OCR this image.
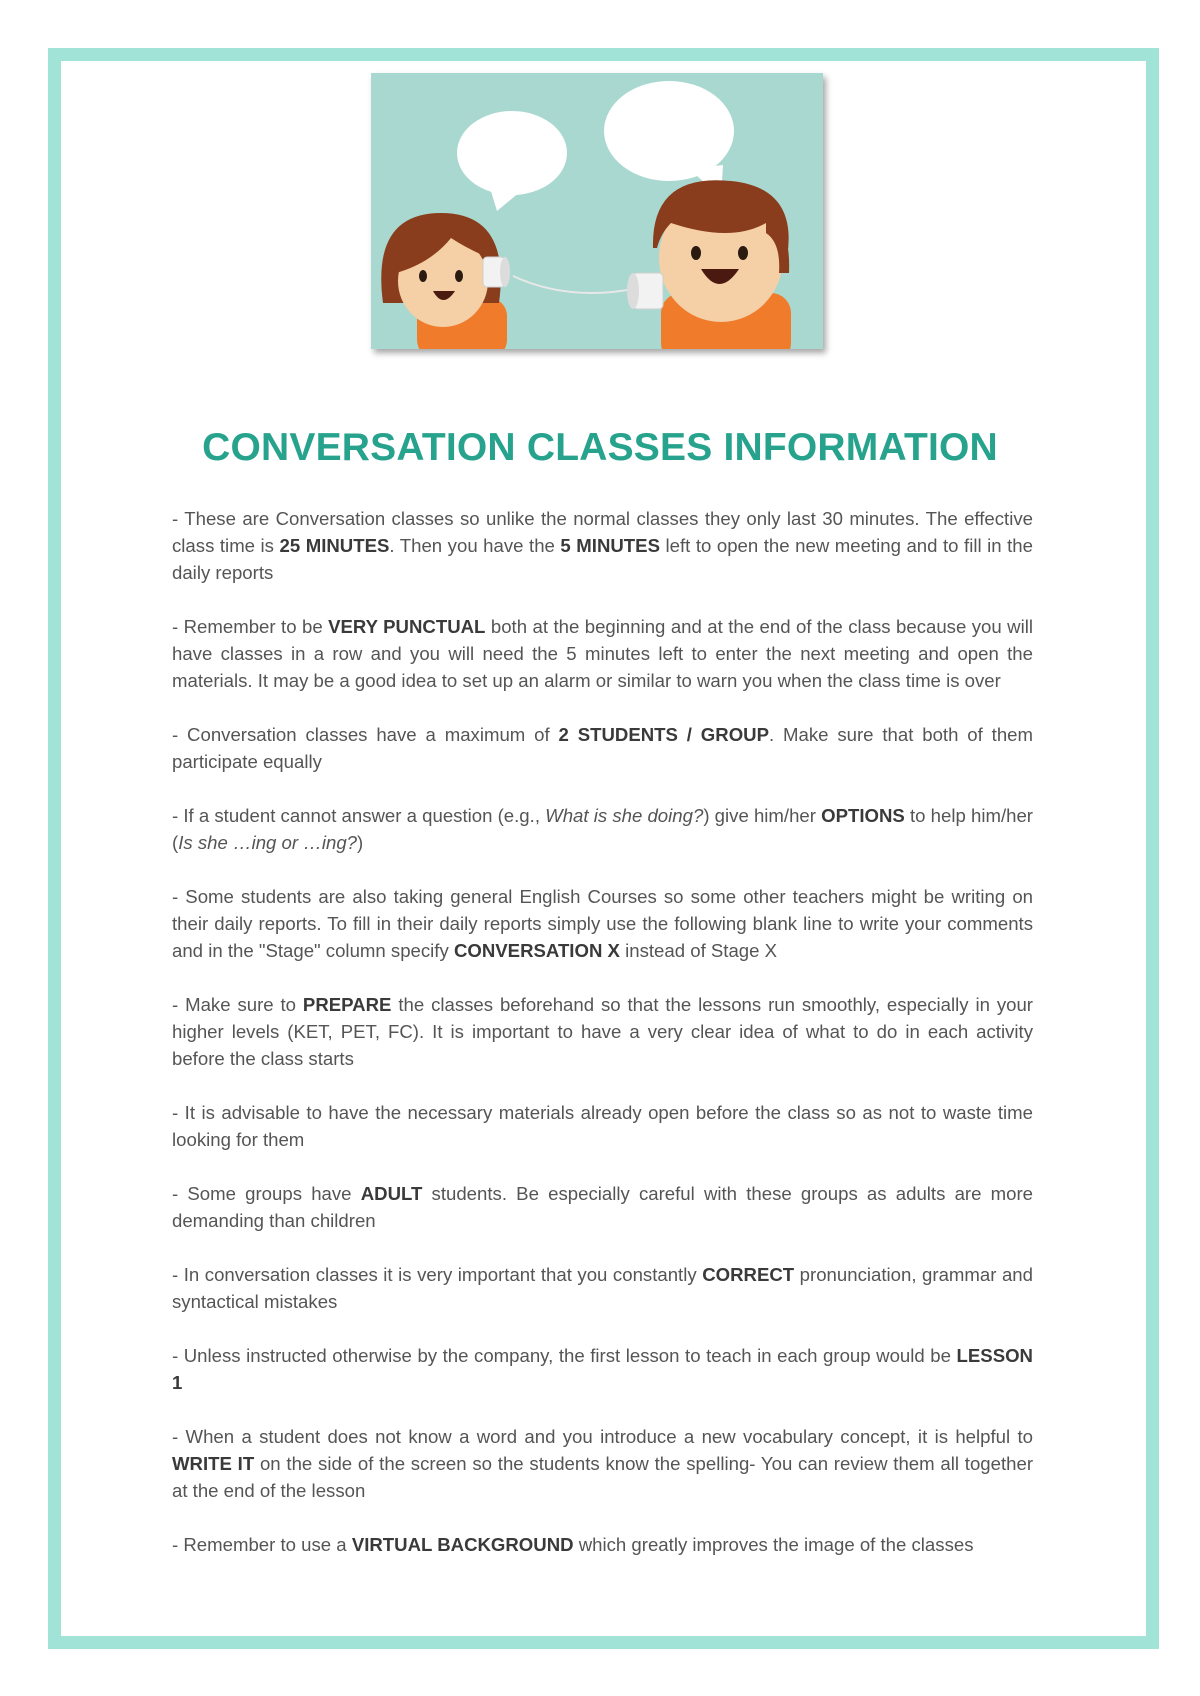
CONVERSATION CLASSES INFORMATION

- These are Conversation classes so unlike the normal classes they only last 30 minutes. The effective class time is 25 MINUTES. Then you have the 5 MINUTES left to open the new meeting and to fill in the daily reports

- Remember to be VERY PUNCTUAL both at the beginning and at the end of the class because you will have classes in a row and you will need the 5 minutes left to enter the next meeting and open the materials. It may be a good idea to set up an alarm or similar to warn you when the class time is over

- Conversation classes have a maximum of 2 STUDENTS / GROUP. Make sure that both of them participate equally

- If a student cannot answer a question (e.g., What is she doing?) give him/her OPTIONS to help him/her (Is she …ing or …ing?)

- Some students are also taking general English Courses so some other teachers might be writing on their daily reports. To fill in their daily reports simply use the following blank line to write your comments and in the "Stage" column specify CONVERSATION X instead of Stage X

- Make sure to PREPARE the classes beforehand so that the lessons run smoothly, especially in your higher levels (KET, PET, FC). It is important to have a very clear idea of what to do in each activity before the class starts

- It is advisable to have the necessary materials already open before the class so as not to waste time looking for them

- Some groups have ADULT students. Be especially careful with these groups as adults are more demanding than children

- In conversation classes it is very important that you constantly CORRECT pronunciation, grammar and syntactical mistakes

- Unless instructed otherwise by the company, the first lesson to teach in each group would be LESSON 1

- When a student does not know a word and you introduce a new vocabulary concept, it is helpful to WRITE IT on the side of the screen so the students know the spelling- You can review them all together at the end of the lesson

- Remember to use a VIRTUAL BACKGROUND which greatly improves the image of the classes
